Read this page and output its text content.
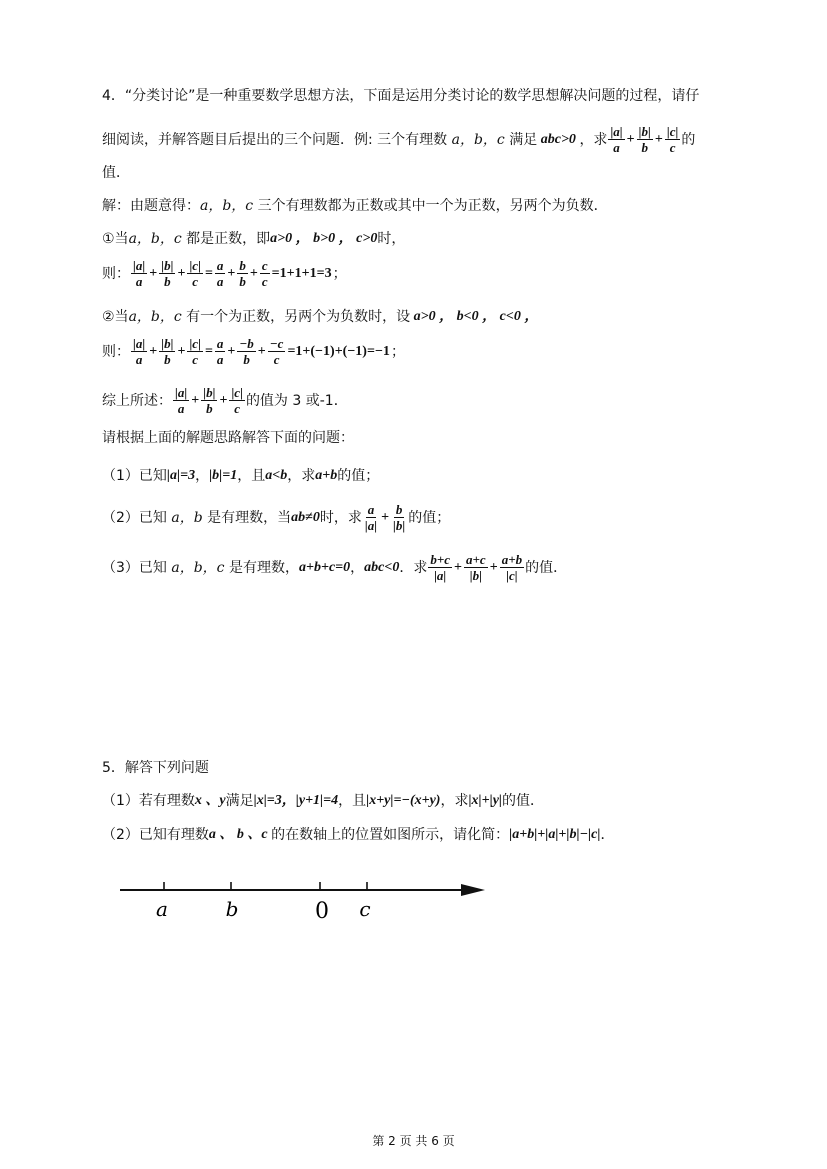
4．“分类讨论”是一种重要数学思想方法，下面是运用分类讨论的数学思想解决问题的过程，请仔
细阅读，并解答题目后提出的三个问题．例: 三个有理数 a，b，c 满足 abc>0 ，求 $\frac{|a|}{a} + \frac{|b|}{b} + \frac{|c|}{c}$ 的
值．
解：由题意得： a，b，c 三个有理数都为正数或其中一个为正数，另两个为负数．
①当 a，b，c 都是正数，即 a>0 ， b>0 ， c>0 时，
则： $\frac{|a|}{a} + \frac{|b|}{b} + \frac{|c|}{c} = \frac{a}{a} + \frac{b}{b} + \frac{c}{c} =1+1+1=3$ ；
②当 a，b，c 有一个为正数，另两个为负数时，设 a>0 ， b<0 ， c<0 ，
则： $\frac{|a|}{a} + \frac{|b|}{b} + \frac{|c|}{c} = \frac{a}{a} + \frac{-b}{b} + \frac{-c}{c} =1+(-1)+(-1)=-1$ ；
综上所述： $\frac{|a|}{a} + \frac{|b|}{b} + \frac{|c|}{c}$ 的值为 3 或-1．
请根据上面的解题思路解答下面的问题：
（1）已知 |a|=3 ， |b|=1 ，且 a<b ，求 a+b 的值；
（2）已知 a，b 是有理数，当 ab≠0 时，求 $\frac{a}{|a|} + \frac{b}{|b|}$ 的值；
（3）已知 a，b，c 是有理数， a+b+c=0 ， abc<0 ．求 $\frac{b+c}{|a|} + \frac{a+c}{|b|} + \frac{a+b}{|c|}$ 的值．
5．解答下列问题
（1）若有理数 x 、y 满足 |x|=3，|y+1|=4 ，且 |x+y|=−(x+y) ，求 |x|+|y| 的值．
（2）已知有理数 a 、 b 、c 的在数轴上的位置如图所示，请化简： |a+b|+|a|+|b|−|c| ．
a	b	0 c
第 2 页 共 6 页
